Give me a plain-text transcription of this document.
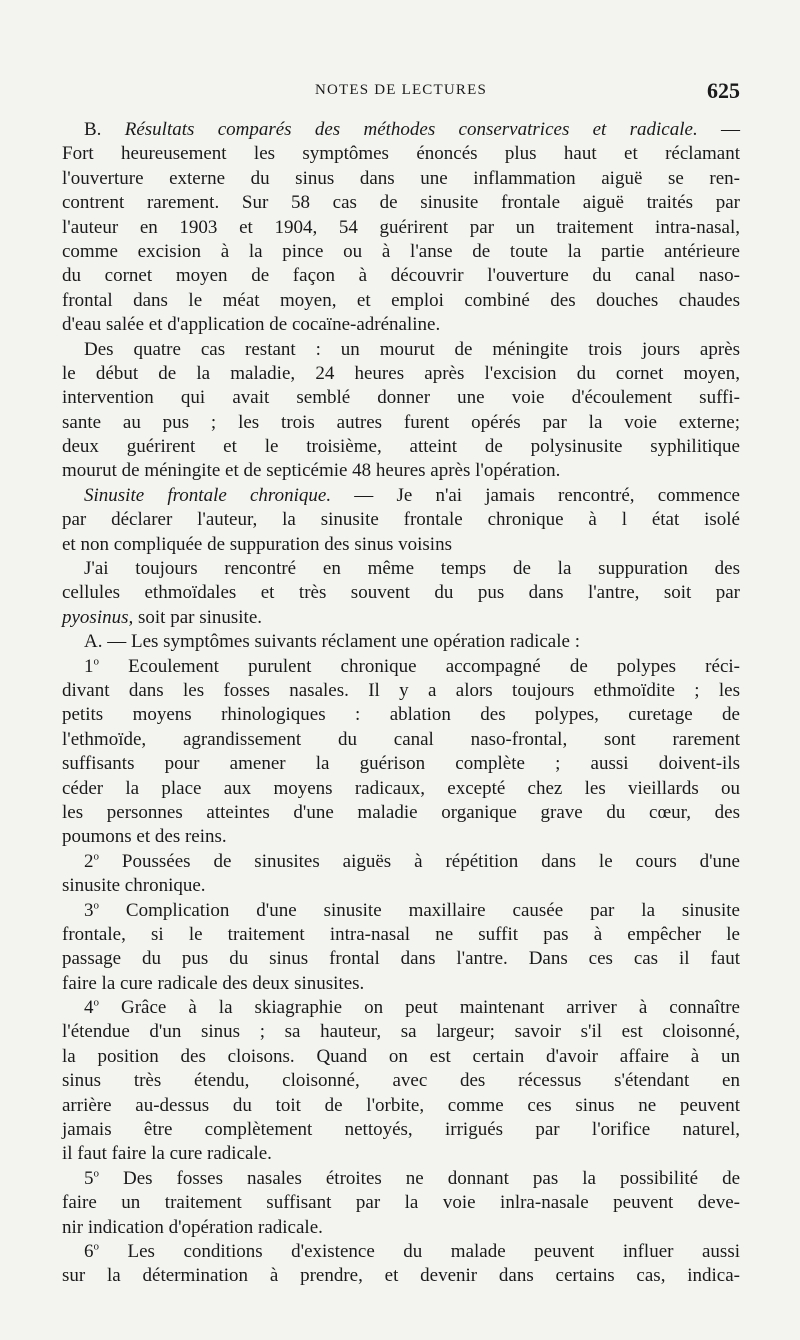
NOTES DE LECTURES	625
B. Résultats comparés des méthodes conservatrices et radicale. —
Fort heureusement les symptômes énoncés plus haut et réclamant
l'ouverture externe du sinus dans une inflammation aiguë se ren-
contrent rarement. Sur 58 cas de sinusite frontale aiguë traités par
l'auteur en 1903 et 1904, 54 guérirent par un traitement intra-nasal,
comme excision à la pince ou à l'anse de toute la partie antérieure
du cornet moyen de façon à découvrir l'ouverture du canal naso-
frontal dans le méat moyen, et emploi combiné des douches chaudes
d'eau salée et d'application de cocaïne-adrénaline.
Des quatre cas restant : un mourut de méningite trois jours après
le début de la maladie, 24 heures après l'excision du cornet moyen,
intervention qui avait semblé donner une voie d'écoulement suffi-
sante au pus ; les trois autres furent opérés par la voie externe;
deux guérirent et le troisième, atteint de polysinusite syphilitique
mourut de méningite et de septicémie 48 heures après l'opération.
Sinusite frontale chronique. — Je n'ai jamais rencontré, commence
par déclarer l'auteur, la sinusite frontale chronique à l état isolé
et non compliquée de suppuration des sinus voisins
J'ai toujours rencontré en même temps de la suppuration des
cellules ethmoïdales et très souvent du pus dans l'antre, soit par
pyosinus, soit par sinusite.
A. — Les symptômes suivants réclament une opération radicale :
1$^o$ Ecoulement purulent chronique accompagné de polypes réci-
divant dans les fosses nasales. Il y a alors toujours ethmoïdite ; les
petits moyens rhinologiques : ablation des polypes, curetage de
l'ethmoïde, agrandissement du canal naso-frontal, sont rarement
suffisants pour amener la guérison complète ; aussi doivent-ils
céder la place aux moyens radicaux, excepté chez les vieillards ou
les personnes atteintes d'une maladie organique grave du cœur, des
poumons et des reins.
2$^o$ Poussées de sinusites aiguës à répétition dans le cours d'une
sinusite chronique.
3$^o$ Complication d'une sinusite maxillaire causée par la sinusite
frontale, si le traitement intra-nasal ne suffit pas à empêcher le
passage du pus du sinus frontal dans l'antre. Dans ces cas il faut
faire la cure radicale des deux sinusites.
4$^o$ Grâce à la skiagraphie on peut maintenant arriver à connaître
l'étendue d'un sinus ; sa hauteur, sa largeur; savoir s'il est cloisonné,
la position des cloisons. Quand on est certain d'avoir affaire à un
sinus très étendu, cloisonné, avec des récessus s'étendant en
arrière au-dessus du toit de l'orbite, comme ces sinus ne peuvent
jamais être complètement nettoyés, irrigués par l'orifice naturel,
il faut faire la cure radicale.
5$^o$ Des fosses nasales étroites ne donnant pas la possibilité de
faire un traitement suffisant par la voie inlra-nasale peuvent deve-
nir indication d'opération radicale.
6$^o$ Les conditions d'existence du malade peuvent influer aussi
sur la détermination à prendre, et devenir dans certains cas, indica-
